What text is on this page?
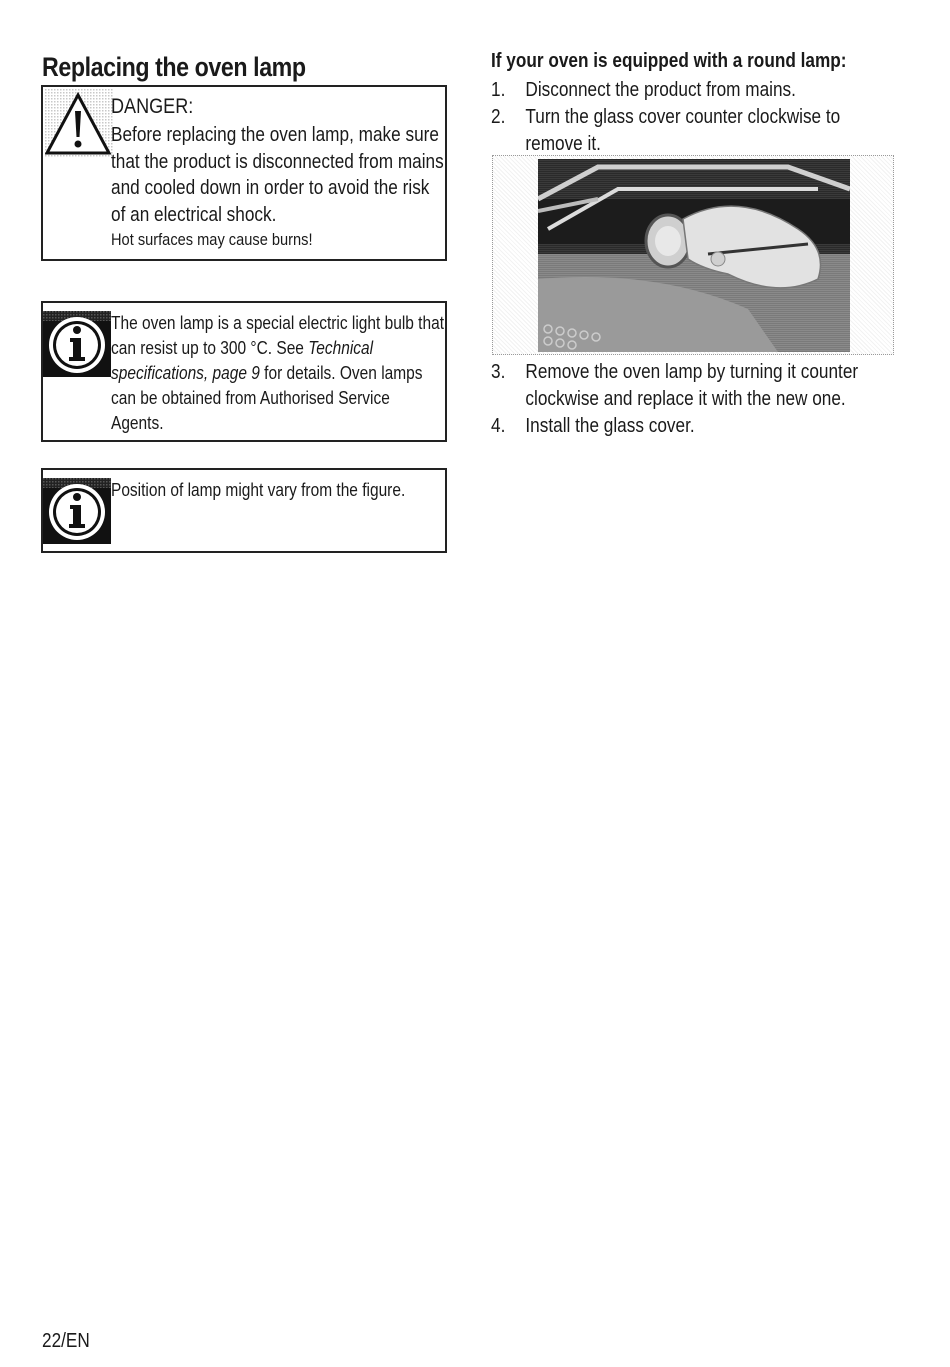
Replacing the oven lamp
DANGER:
Before replacing the oven lamp, make sure that the product is disconnected from mains and cooled down in order to avoid the risk of an electrical shock.
Hot surfaces may cause burns!
The oven lamp is a special electric light bulb that can resist up to 300 °C. See Technical specifications, page 9 for details. Oven lamps can be obtained from Authorised Service Agents.
Position of lamp might vary from the figure.
If your oven is equipped with a round lamp:
1. Disconnect the product from mains.
2. Turn the glass cover counter clockwise to remove it.
3. Remove the oven lamp by turning it counter clockwise and replace it with the new one.
4. Install the glass cover.
22/EN
